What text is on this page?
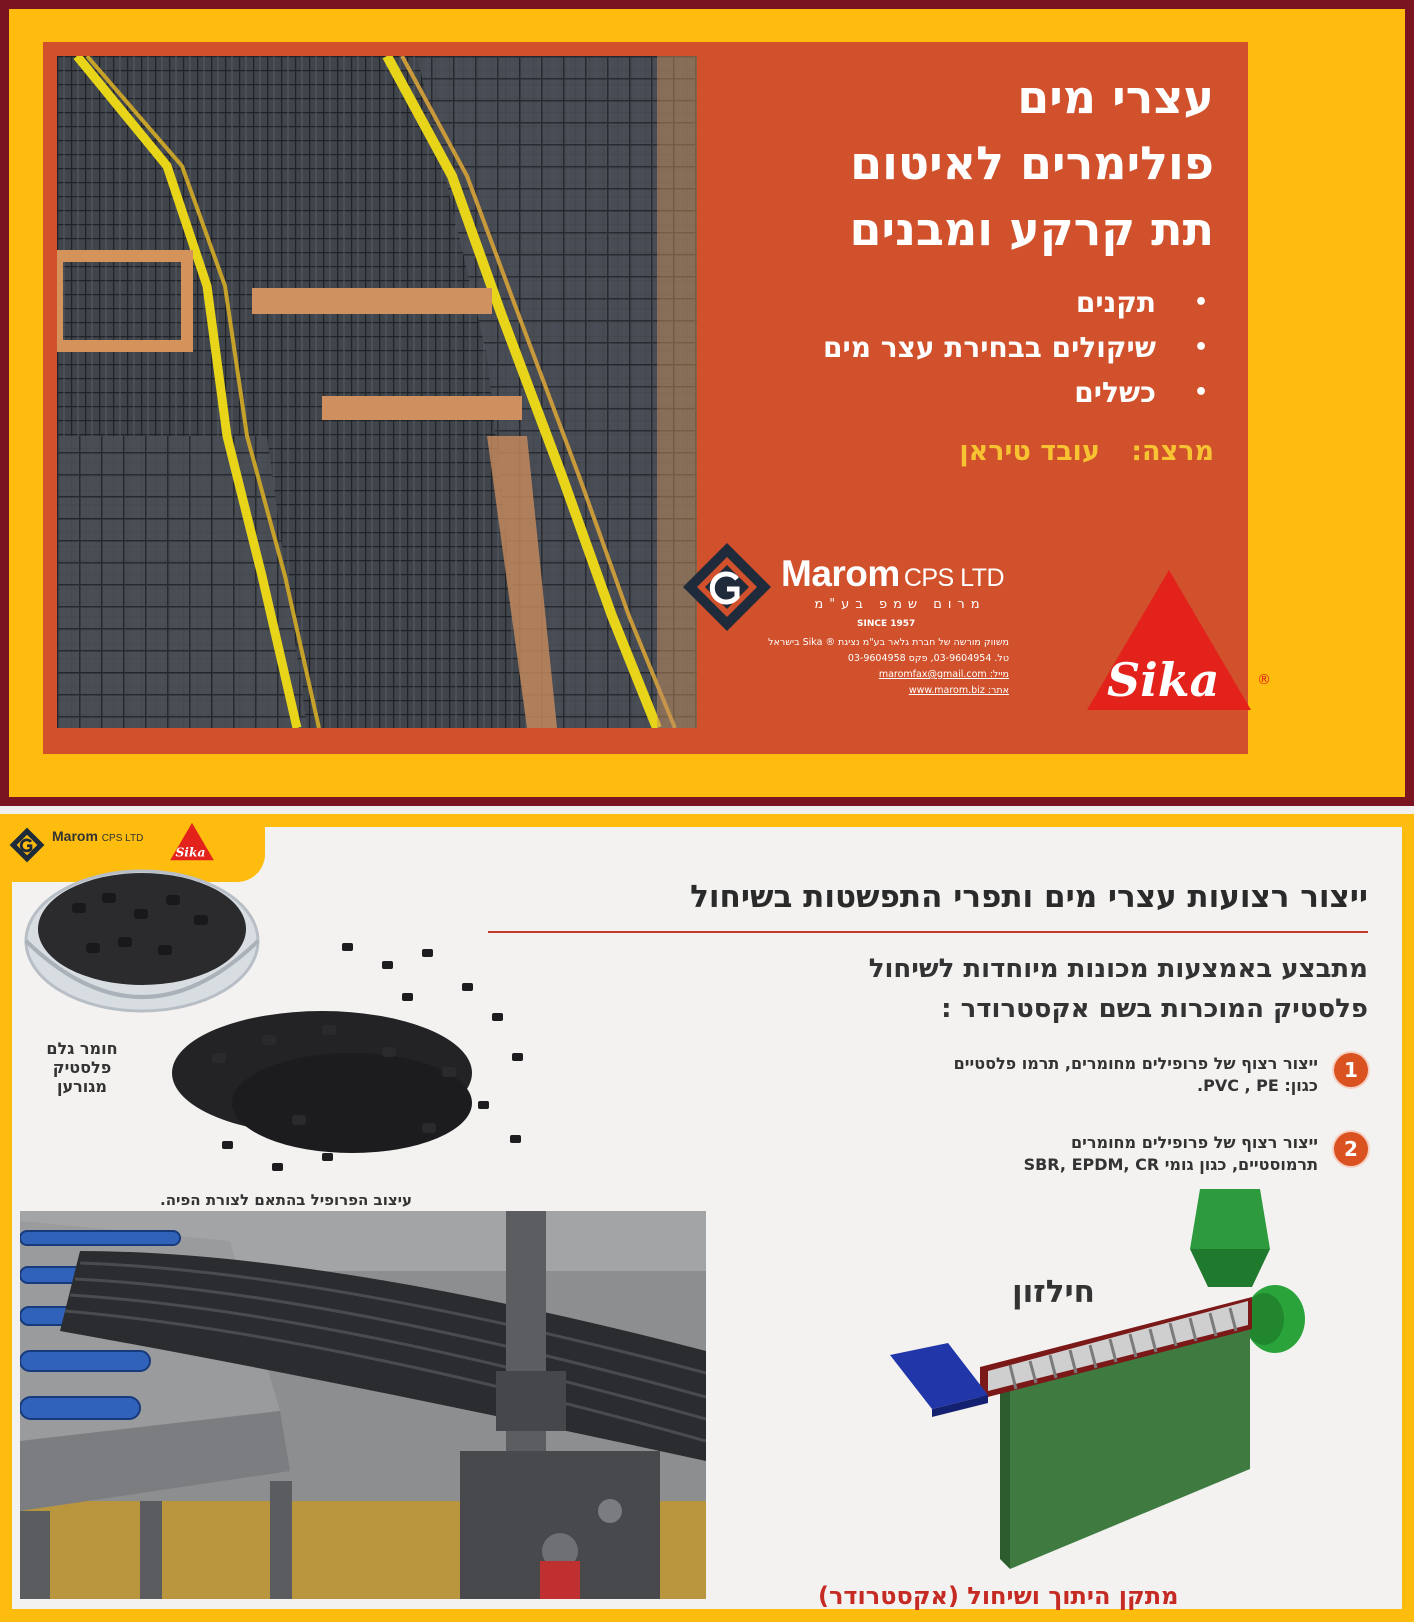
עצרי מים
פולימרים לאיטום
תת קרקע ומבנים
• תקנים
• שיקולים בבחירת עצר מים
• כשלים
מרצה: עובד טיראן
Marom CPS LTD
מרום שמפ בע"מ
SINCE 1957
משווק מורשה של חברת גלאר בע"מ נציגת ® Sika בישראל
טל. 03-9604954, פקס 03-9604958
מייל: maromfax@gmail.com
אתר: www.marom.biz Sika	®
Marom CPS LTD
Sika
ייצור רצועות עצרי מים ותפרי התפשטות בשיחול
מתבצע באמצעות מכונות מיוחדות לשיחול
פלסטיק המוכרות בשם אקסטרודר :
1
ייצור רצוף של פרופילים מחומרים, תרמו פלסטיים
כגון: PVC , PE.
2
ייצור רצוף של פרופילים מחומרים
תרמוסטיים, כגון גומי SBR, EPDM, CR
חומר גלם
פלסטיק
מגורען
עיצוב הפרופיל בהתאם לצורת הפיה.
חילזון
מתקן היתוך ושיחול (אקסטרודר)
